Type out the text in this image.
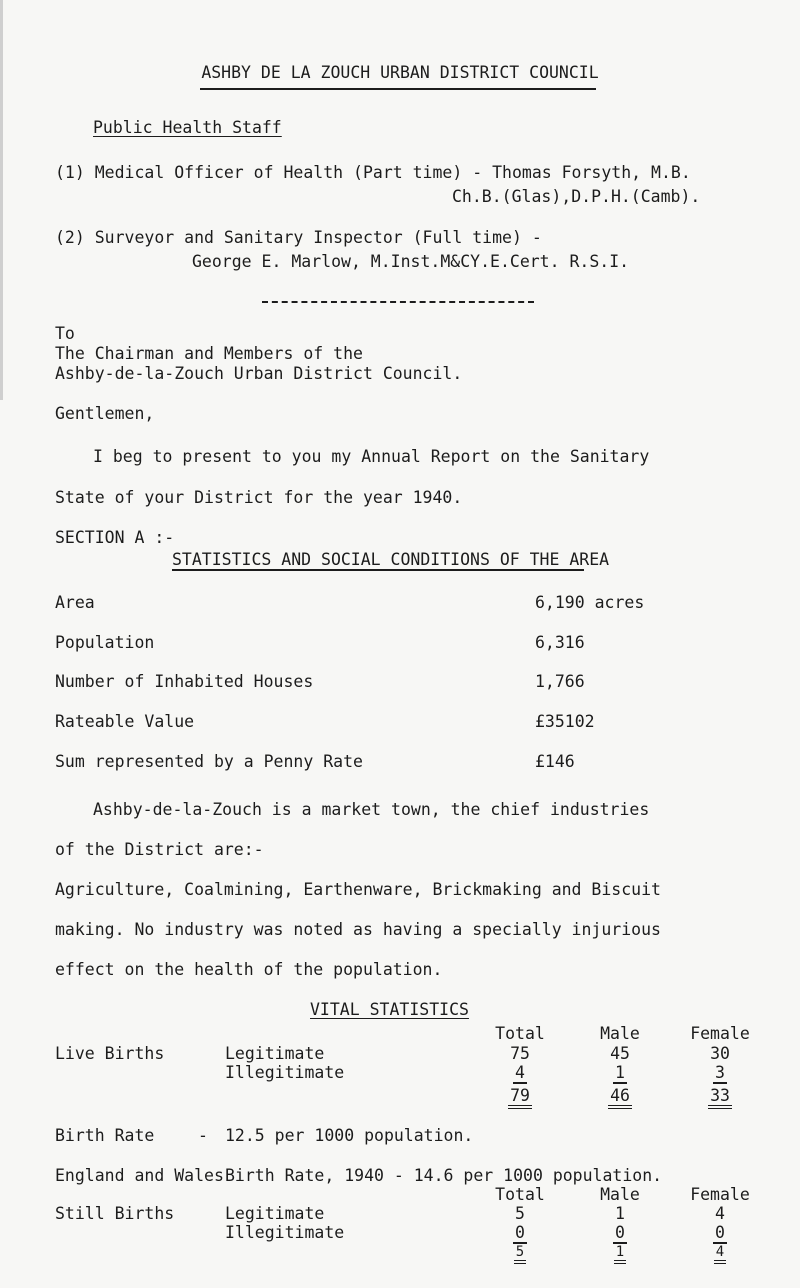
ASHBY DE LA ZOUCH URBAN DISTRICT COUNCIL
Public Health Staff
(1) Medical Officer of Health (Part time) - Thomas Forsyth, M.B.
Ch.B.(Glas),D.P.H.(Camb).
(2) Surveyor and Sanitary Inspector (Full time) -
George E. Marlow, M.Inst.M&CY.E.Cert. R.S.I.
To
The Chairman and Members of the
Ashby-de-la-Zouch Urban District Council.
Gentlemen,
I beg to present to you my Annual Report on the Sanitary
State of your District for the year 1940.
SECTION A :-
STATISTICS AND SOCIAL CONDITIONS OF THE AREA
Area	6,190 acres
Population	6,316
Number of Inhabited Houses	1,766
Rateable Value	£35102
Sum represented by a Penny Rate	£146
Ashby-de-la-Zouch is a market town, the chief industries
of the District are:-
Agriculture, Coalmining, Earthenware, Brickmaking and Biscuit
making. No industry was noted as having a specially injurious
effect on the health of the population.
VITAL STATISTICS
Total	Male	Female
Live Births	Legitimate	75	45	30
Illegitimate	4	1	3
79	46	33
Birth Rate	- 12.5 per 1000 population.
England and Wales Birth Rate, 1940 - 14.6 per 1000 population.
Total	Male	Female
Still Births	Legitimate	5	1	4
Illegitimate	0	0	0
5	1	4
